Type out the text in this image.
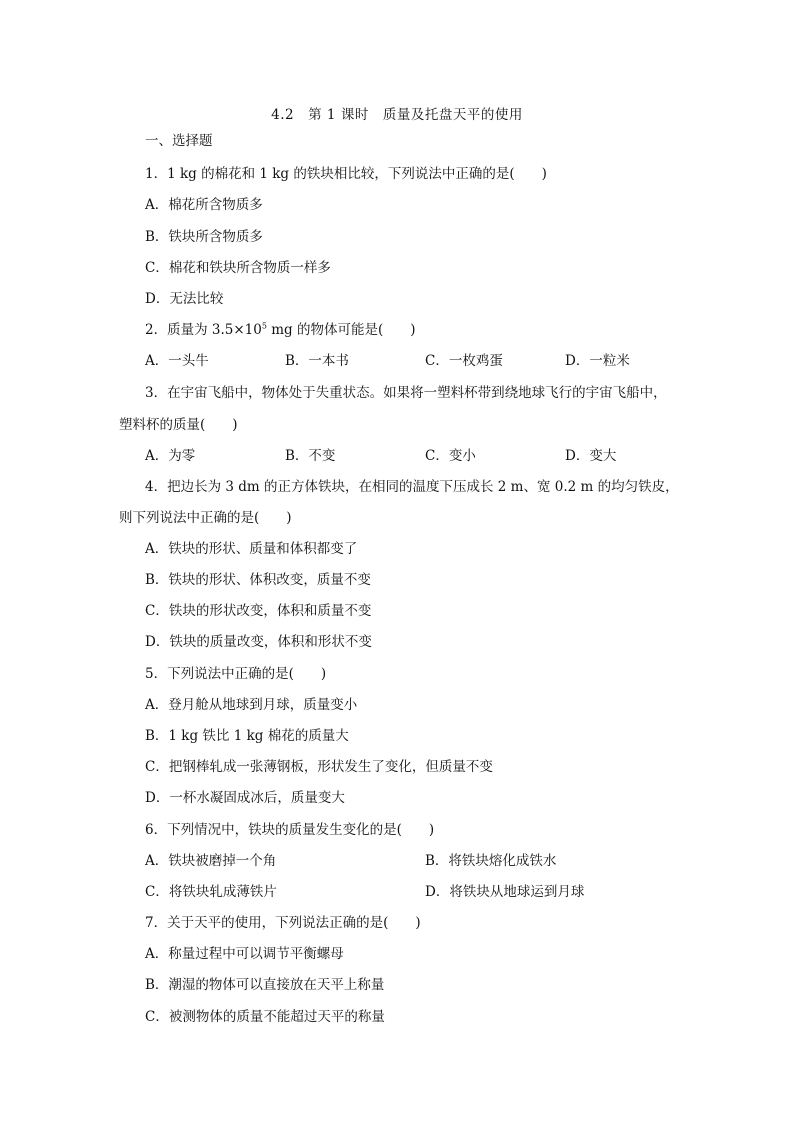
4.2　第 1 课时　质量及托盘天平的使用
一、选择题
1．1 kg 的棉花和 1 kg 的铁块相比较，下列说法中正确的是(　　)
A．棉花所含物质多
B．铁块所含物质多
C．棉花和铁块所含物质一样多
D．无法比较
2．质量为 $3.5\times 10^5$ mg 的物体可能是(　　)
A．一头牛	B．一本书	C．一枚鸡蛋	D．一粒米
3．在宇宙飞船中，物体处于失重状态。如果将一塑料杯带到绕地球飞行的宇宙飞船中，
塑料杯的质量(　　)
A．为零	B．不变	C．变小	D．变大
4．把边长为 3 dm 的正方体铁块，在相同的温度下压成长 2 m、宽 0.2 m 的均匀铁皮，
则下列说法中正确的是(　　)
A．铁块的形状、质量和体积都变了
B．铁块的形状、体积改变，质量不变
C．铁块的形状改变，体积和质量不变
D．铁块的质量改变，体积和形状不变
5．下列说法中正确的是(　　)
A．登月舱从地球到月球，质量变小
B．1 kg 铁比 1 kg 棉花的质量大
C．把钢棒轧成一张薄钢板，形状发生了变化，但质量不变
D．一杯水凝固成冰后，质量变大
6．下列情况中，铁块的质量发生变化的是(　　)
A．铁块被磨掉一个角	B．将铁块熔化成铁水
C．将铁块轧成薄铁片	D．将铁块从地球运到月球
7．关于天平的使用，下列说法正确的是(　　)
A．称量过程中可以调节平衡螺母
B．潮湿的物体可以直接放在天平上称量
C．被测物体的质量不能超过天平的称量
